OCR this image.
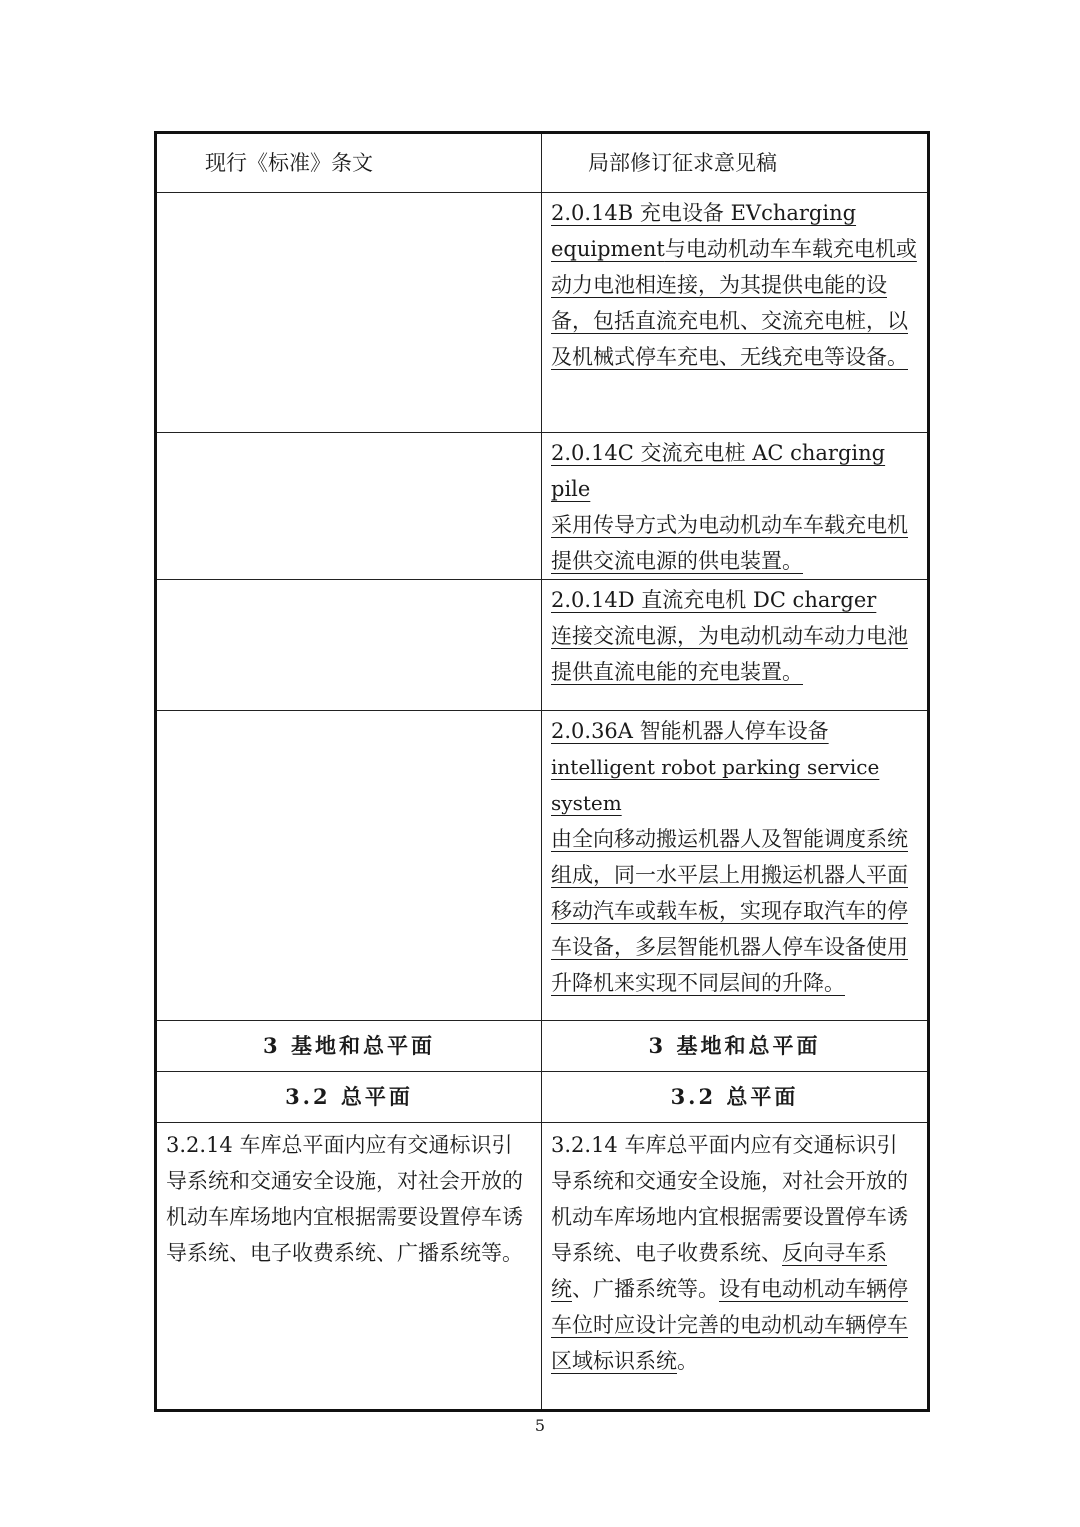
现行《标准》条文	局部修订征求意见稿
	2.0.14B 充电设备 EVcharging equipment与电动机动车车载充电机或动力电池相连接，为其提供电能的设备，包括直流充电机、交流充电桩，以及机械式停车充电、无线充电等设备。

	2.0.14C 交流充电桩 AC charging pile
采用传导方式为电动机动车车载充电机提供交流电源的供电装置。

	2.0.14D 直流充电机 DC charger
连接交流电源，为电动机动车动力电池提供直流电能的充电装置。

	2.0.36A 智能机器人停车设备
intelligent robot parking service system
由全向移动搬运机器人及智能调度系统组成，同一水平层上用搬运机器人平面移动汽车或载车板，实现存取汽车的停车设备，多层智能机器人停车设备使用升降机来实现不同层间的升降。
3 基地和总平面	3 基地和总平面
3.2 总平面	3.2 总平面
3.2.14 车库总平面内应有交通标识引导系统和交通安全设施，对社会开放的机动车库场地内宜根据需要设置停车诱导系统、电子收费系统、广播系统等。	3.2.14 车库总平面内应有交通标识引导系统和交通安全设施，对社会开放的机动车库场地内宜根据需要设置停车诱导系统、电子收费系统、反向寻车系统、广播系统等。设有电动机动车辆停车位时应设计完善的电动机动车辆停车区域标识系统。
5
